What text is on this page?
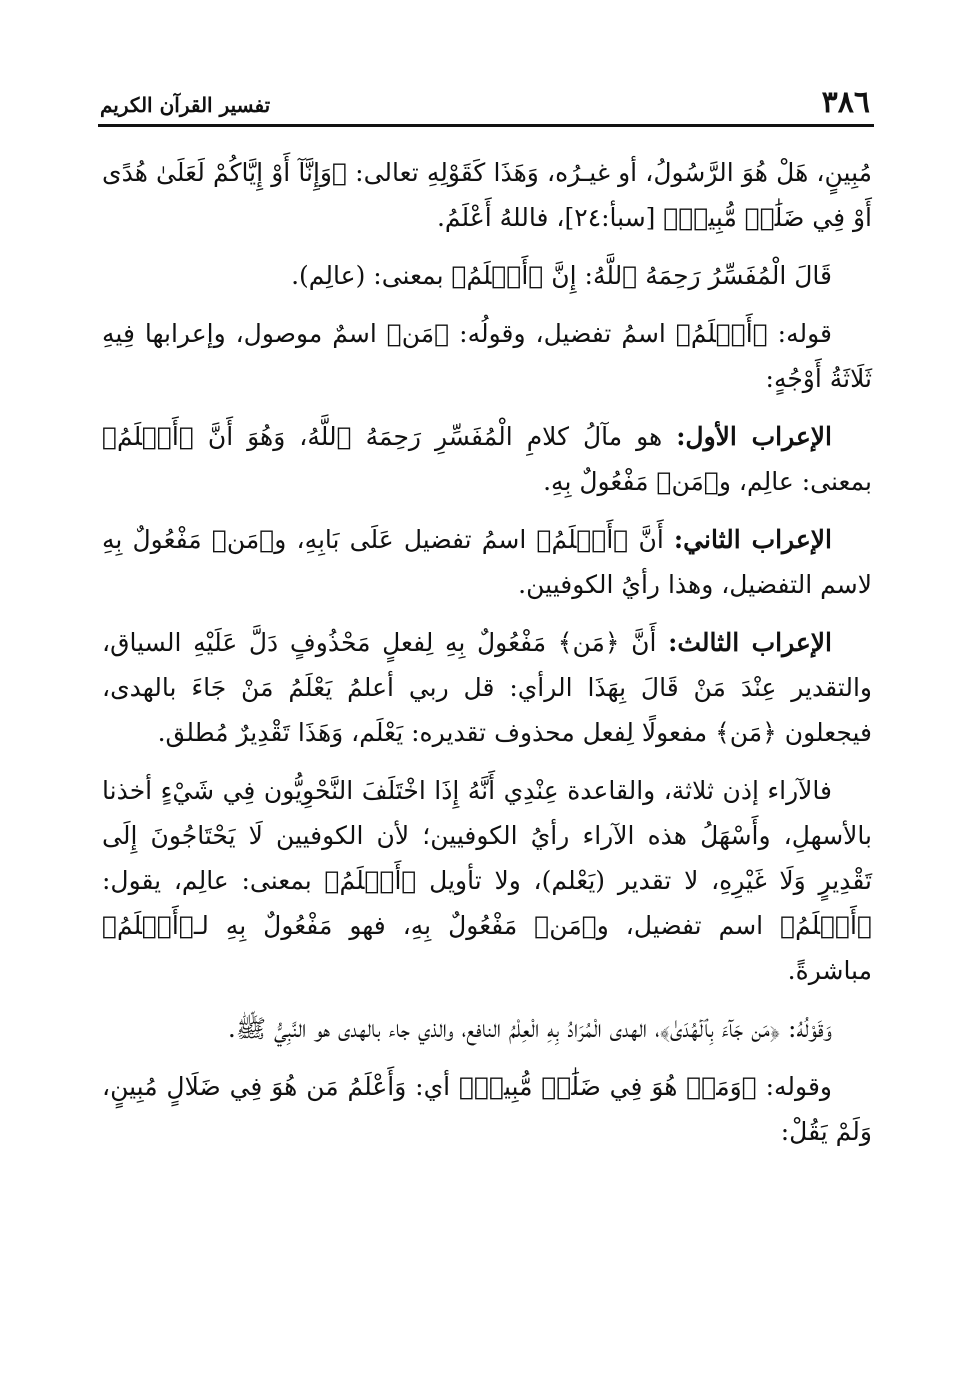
٣٨٦
تفسير القرآن الكريم

مُبِينٍ، هَلْ هُوَ الرَّسُولُ، أو غيـرُه، وَهَذَا كَقَوْلِهِ تعالى: ﴿وَإِنَّآ أَوْ إِيَّاكُمْ لَعَلَىٰ هُدًى أَوْ فِي ضَلَٰلٖ مُّبِينٖ﴾ [سبأ:٢٤]، فاللهُ أَعْلَمُ.

قَالَ الْمُفَسِّرُ رَحِمَهُ ٱللَّهُ: إِنَّ ﴿أَعۡلَمُ﴾ بمعنى: (عالِم).

قوله: ﴿أَعۡلَمُ﴾ اسمُ تفضيل، وقولُه: ﴿مَن﴾ اسمٌ موصول، وإعرابها فِيهِ ثَلَاثَةُ أَوْجُهٍ:

الإعراب الأول: هو مآلُ كلامِ الْمُفَسِّرِ رَحِمَهُ ٱللَّهُ، وَهُوَ أَنَّ ﴿أَعۡلَمُ﴾ بمعنى: عالِم، و﴿مَن﴾ مَفْعُولٌ بِهِ.

الإعراب الثاني: أَنَّ ﴿أَعۡلَمُ﴾ اسمُ تفضيل عَلَى بَابِهِ، و﴿مَن﴾ مَفْعُولٌ بِهِ لاسم التفضيل، وهذا رأيُ الكوفيين.

الإعراب الثالث: أَنَّ ﴿مَن﴾ مَفْعُولٌ بِهِ لِفعلٍ مَحْذُوفٍ دَلَّ عَلَيْهِ السياق، والتقدير عِنْدَ مَنْ قَالَ بِهَذَا الرأي: قل ربي أعلمُ يَعْلَمُ مَنْ جَاءَ بالهدى، فيجعلون ﴿مَن﴾ مفعولًا لِفعل محذوف تقديره: يَعْلَم، وَهَذَا تَقْدِيرٌ مُطلق.

فالآراء إذن ثلاثة، والقاعدة عِنْدِي أَنَّهُ إِذَا اخْتَلَفَ النَّحْوِيُّون فِي شَيْءٍ أخذنا بالأسهلِ، وأَسْهَلُ هذه الآراء رأيُ الكوفيين؛ لأن الكوفيين لَا يَحْتَاجُونَ إِلَى تَقْدِيرٍ وَلَا غَيْرِهِ، لا تقدير (يَعْلم)، ولا تأويل ﴿أَعۡلَمُ﴾ بمعنى: عالِم، يقول: ﴿أَعۡلَمُ﴾ اسم تفضيل، و﴿مَن﴾ مَفْعُولٌ بِهِ، فهو مَفْعُولٌ بِهِ لـ﴿أَعۡلَمُ﴾ مباشرةً.

وَقَوْلُهُ: ﴿مَن جَآءَ بِٱلۡهُدَىٰ﴾، الهدى الْمُرَادُ بِهِ الْعِلْمُ النافع، والذي جاء بالهدى هو النَّبِيُّ ﷺ.

وقوله: ﴿وَمَنۡ هُوَ فِي ضَلَٰلٖ مُّبِينٖ﴾ أي: وَأَعْلَمُ مَن هُوَ فِي ضَلَالٍ مُبِينٍ، وَلَمْ يَقُلْ:
